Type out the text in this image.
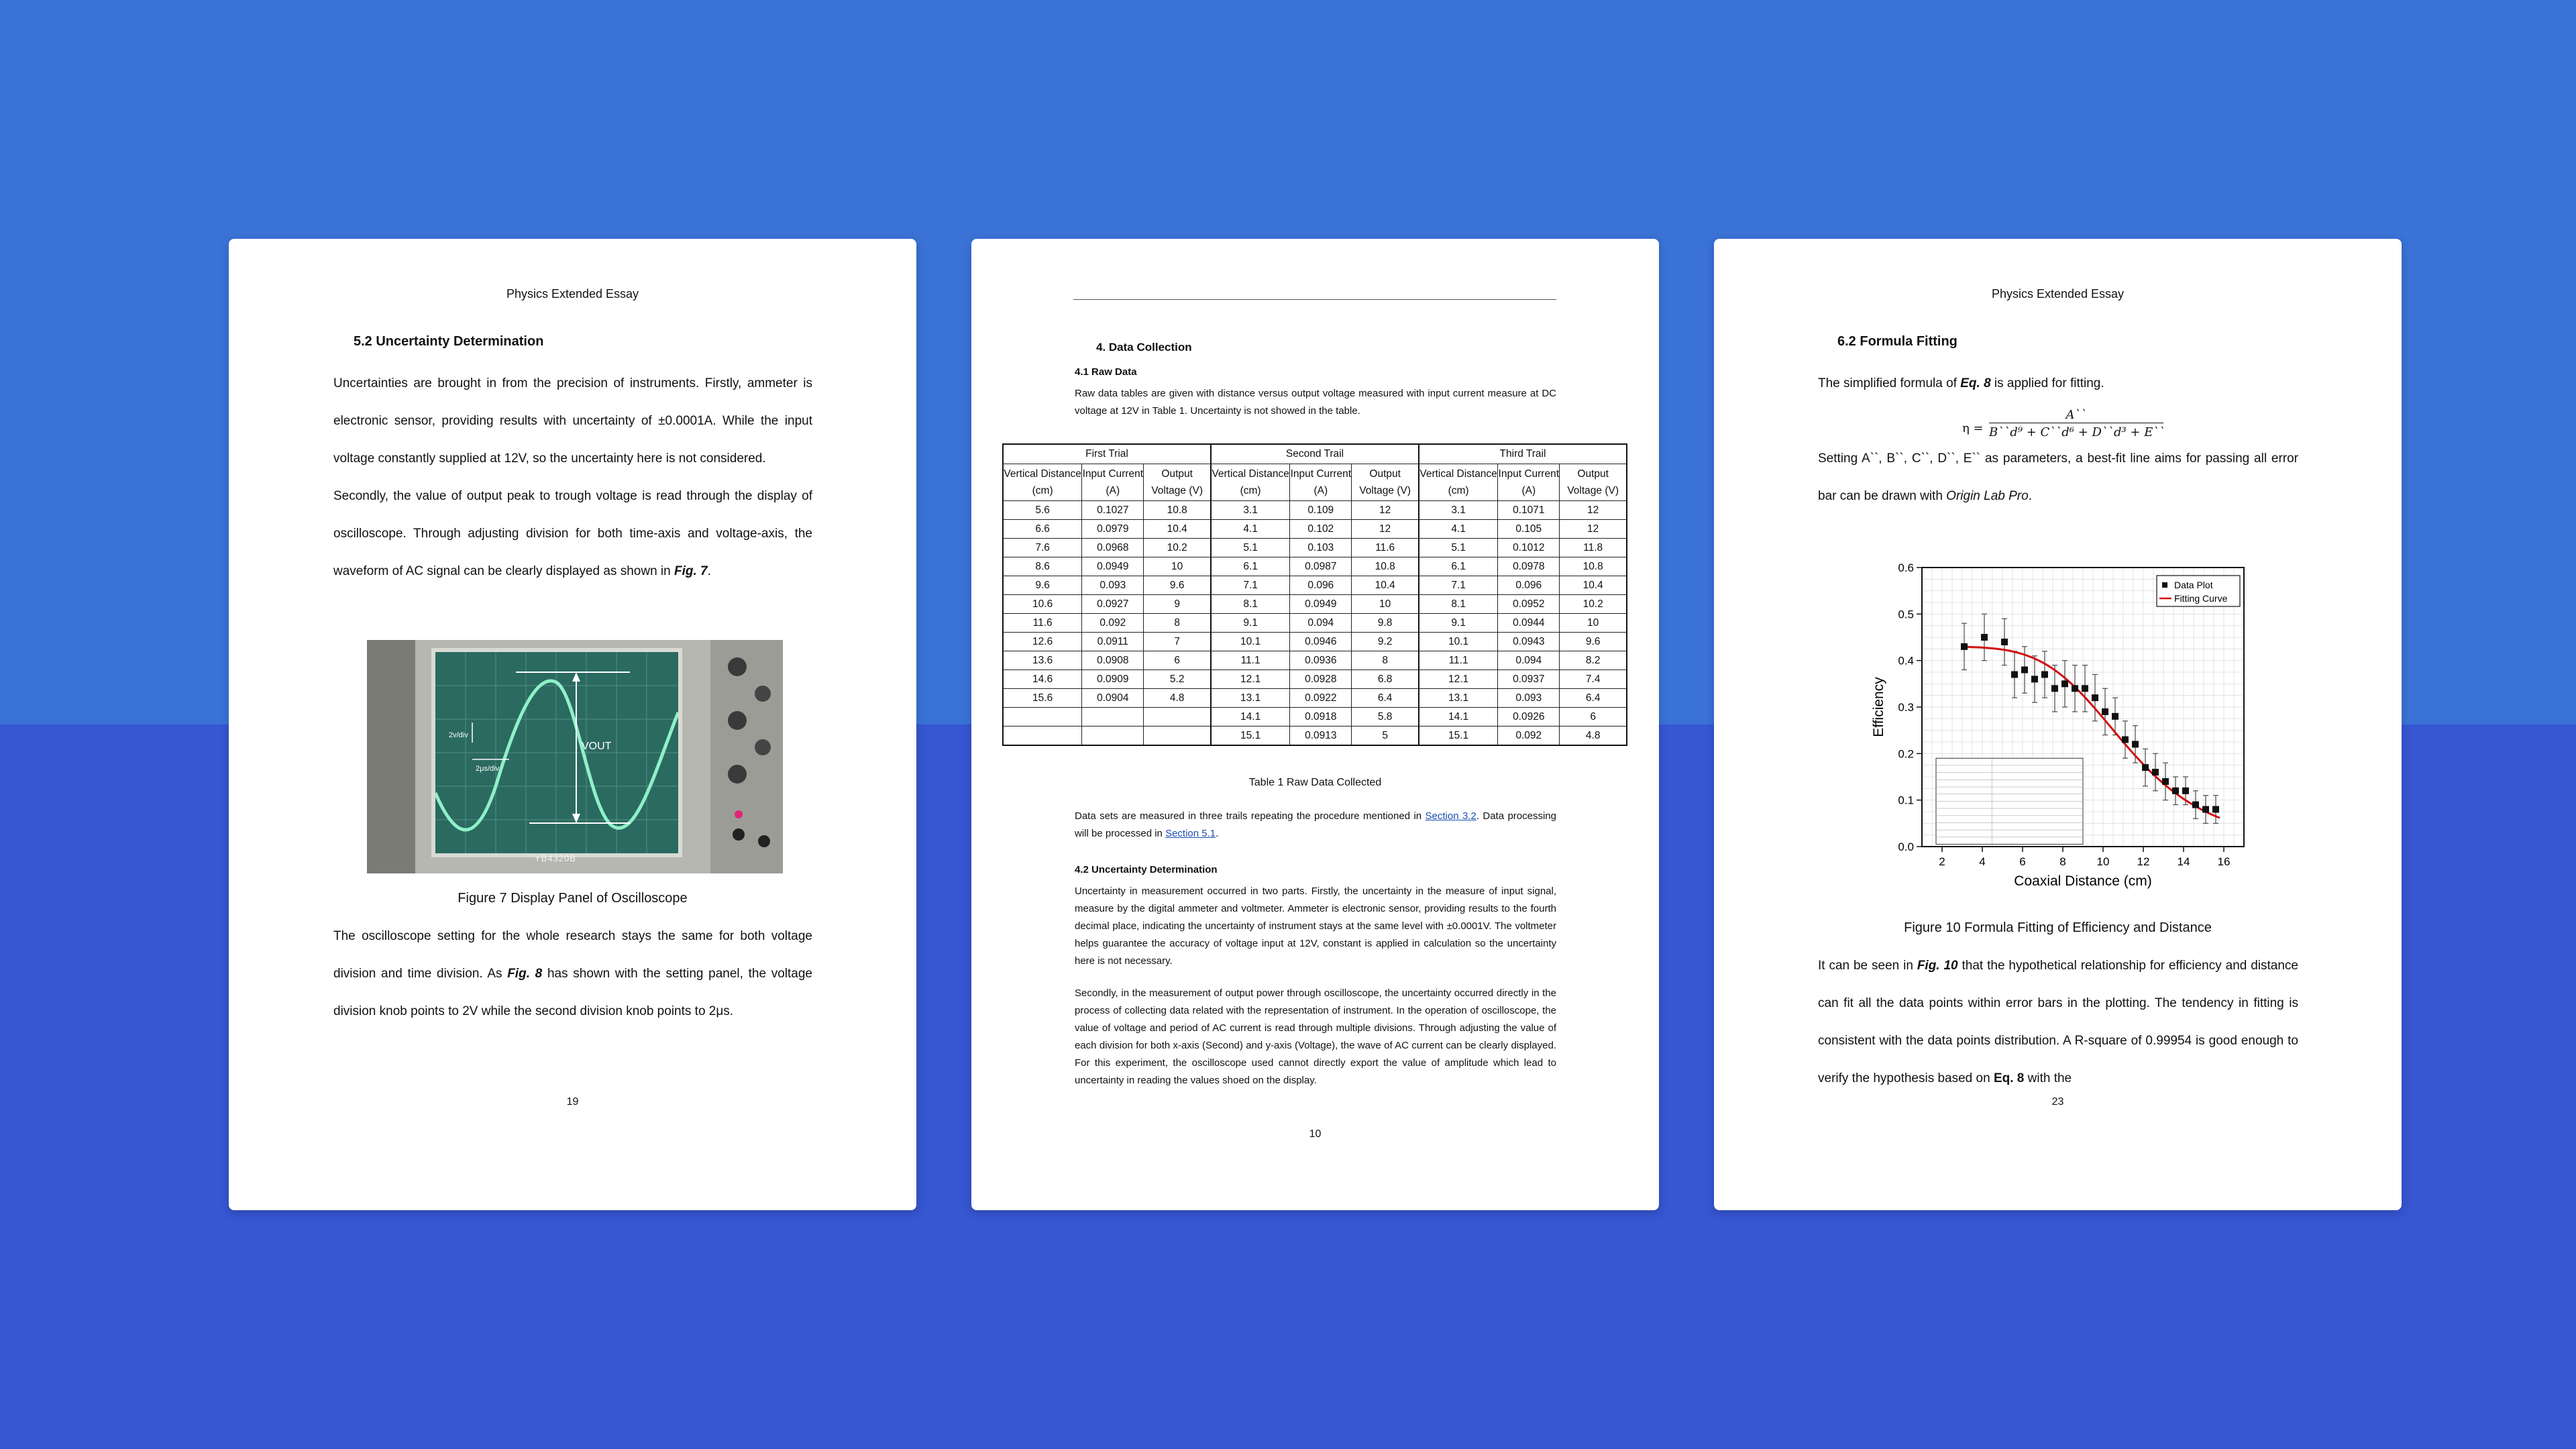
Physics Extended Essay
5.2 Uncertainty Determination

Uncertainties are brought in from the precision of instruments. Firstly, ammeter is electronic sensor, providing results with uncertainty of ±0.0001A. While the input voltage constantly supplied at 12V, so the uncertainty here is not considered.

Secondly, the value of output peak to trough voltage is read through the display of oscilloscope. Through adjusting division for both time-axis and voltage-axis, the waveform of AC signal can be clearly displayed as shown in Fig. 7.

2v/div
2μs/div
VOUT
YB4320B
Figure 7 Display Panel of Oscilloscope

The oscilloscope setting for the whole research stays the same for both voltage division and time division. As Fig. 8 has shown with the setting panel, the voltage division knob points to 2V while the second division knob points to 2μs.

19
4. Data Collection
4.1 Raw Data
Raw data tables are given with distance versus output voltage measured with input current measure at DC voltage at 12V in Table 1. Uncertainty is not showed in the table.
First Trial			Second Trail			Third Trail		
Vertical Distance (cm)	Input Current (A)	Output Voltage (V)	Vertical Distance (cm)	Input Current (A)	Output Voltage (V)	Vertical Distance (cm)	Input Current (A)	Output Voltage (V)
5.6	0.1027	10.8	3.1	0.109	12	3.1	0.1071	12
6.6	0.0979	10.4	4.1	0.102	12	4.1	0.105	12
7.6	0.0968	10.2	5.1	0.103	11.6	5.1	0.1012	11.8
8.6	0.0949	10	6.1	0.0987	10.8	6.1	0.0978	10.8
9.6	0.093	9.6	7.1	0.096	10.4	7.1	0.096	10.4
10.6	0.0927	9	8.1	0.0949	10	8.1	0.0952	10.2
11.6	0.092	8	9.1	0.094	9.8	9.1	0.0944	10
12.6	0.0911	7	10.1	0.0946	9.2	10.1	0.0943	9.6
13.6	0.0908	6	11.1	0.0936	8	11.1	0.094	8.2
14.6	0.0909	5.2	12.1	0.0928	6.8	12.1	0.0937	7.4
15.6	0.0904	4.8	13.1	0.0922	6.4	13.1	0.093	6.4
			14.1	0.0918	5.8	14.1	0.0926	6
			15.1	0.0913	5	15.1	0.092	4.8
Table 1 Raw Data Collected

Data sets are measured in three trails repeating the procedure mentioned in Section 3.2. Data processing will be processed in Section 5.1.

4.2 Uncertainty Determination

Uncertainty in measurement occurred in two parts. Firstly, the uncertainty in the measure of input signal, measure by the digital ammeter and voltmeter. Ammeter is electronic sensor, providing results to the fourth decimal place, indicating the uncertainty of instrument stays at the same level with ±0.0001V. The voltmeter helps guarantee the accuracy of voltage input at 12V, constant is applied in calculation so the uncertainty here is not necessary.

Secondly, in the measurement of output power through oscilloscope, the uncertainty occurred directly in the process of collecting data related with the representation of instrument. In the operation of oscilloscope, the value of voltage and period of AC current is read through multiple divisions. Through adjusting the value of each division for both x-axis (Second) and y-axis (Voltage), the wave of AC current can be clearly displayed. For this experiment, the oscilloscope used cannot directly export the value of amplitude which lead to uncertainty in reading the values shoed on the display.

10
Physics Extended Essay
6.2 Formula Fitting

The simplified formula of Eq. 8 is applied for fitting.

η =
A``
B``d⁹ + C``d⁶ + D``d³ + E``

Setting A``, B``, C``, D``, E`` as parameters, a best-fit line aims for passing all error bar can be drawn with Origin Lab Pro.

2	4	6	8	10 12 14 16
0.0
0.1
0.2
0.3
0.4
0.5
0.6
Coaxial Distance (cm)
Efficiency
Data Plot
Fitting Curve
Figure 10 Formula Fitting of Efficiency and Distance

It can be seen in Fig. 10 that the hypothetical relationship for efficiency and distance can fit all the data points within error bars in the plotting. The tendency in fitting is consistent with the data points distribution. A R-square of 0.99954 is good enough to verify the hypothesis based on Eq. 8 with the

23
